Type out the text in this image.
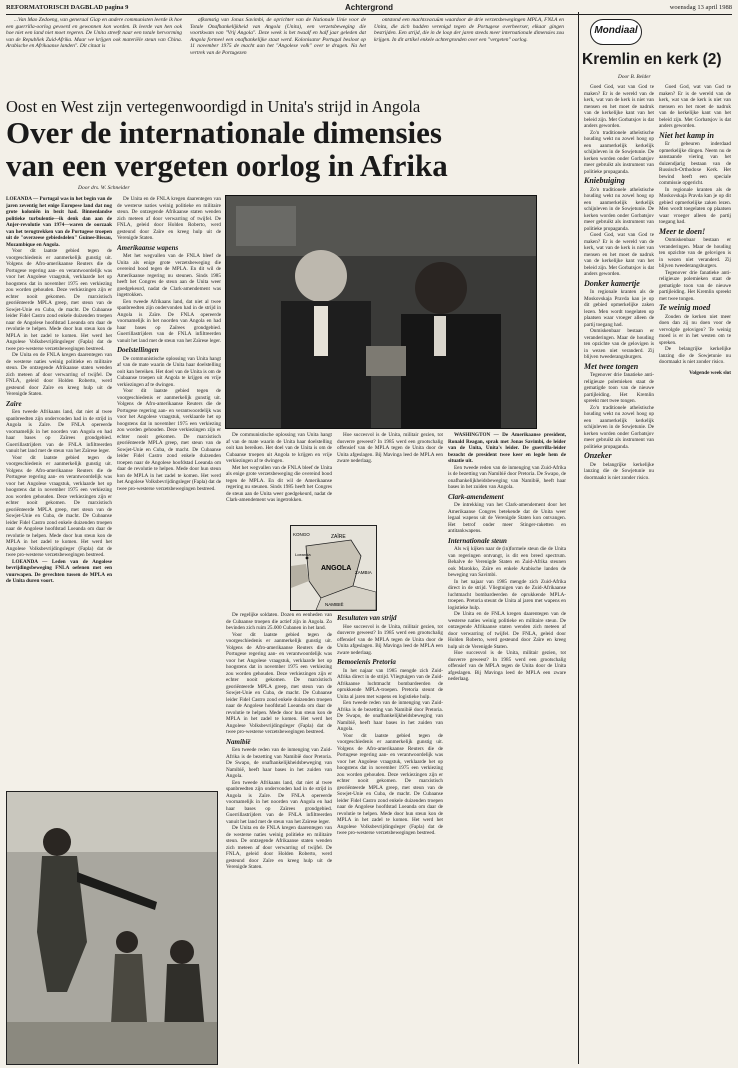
REFORMATORISCH DAGBLAD pagina 9	Achtergrond	woensdag 13 april 1988

...Van Mao Zedoeng, van generaal Giap en andere communisten leerde ik hoe een guerrilla-oorlog gevoerd en gewonnen kon worden. Ik leerde van hen ook hoe niet een land niet moet regeren. De Unita streeft naar een totale hervorming van de Republiek Zuid-Afrika. Maar we krijgen ook materiële steun van China. Arabische en Afrikaanse landen". Dit citaat is

afkomstig van Jonas Savimbi, de oprichter van de Nationale Unie voor de Totale Onafhankelijkheid van Angola (Unita), een verzetsbeweging die voortkwam van "Vrij Angola". Deze week is het twaalf en half jaar geleden dat Angola formeel een onafhankelijke staat werd. Kolonisator Portugal besloot op 11 november 1975 de macht aan het "Angolese volk" over te dragen. Na het vertrek van de Portugezen

ontstond een machtsvacuüm waardoor de drie verzetsbewegingen MPLA, FNLA en Unita, die zich hadden verenigd tegen de Portugese overheerser, elkaar gingen bestrijden. Een strijd, die in de loop der jaren steeds meer internationale dimensies zou krijgen. In dit artikel enkele achtergronden over een "vergeten" oorlog.

Oost en West zijn vertegenwoordigd in Unita's strijd in Angola
Over de internationale dimensies
van een vergeten oorlog in Afrika
Door drs. W. Schneider

LOEANDA — Portugal was in het begin van de jaren zeventig het enige Europese land dat nog grote koloniën in bezit had. Binnenlandse politieke turbulentie—ik denk dan aan de Anjer-revolutie van 1974—waren de oorzaak van het terugtrekken van de Portugese troepen uit de "overzeese gebiedsdelen" Guinee-Bissau, Mozambique en Angola.

Voor dit laatste gebied tegen de voorgeschiedenis er aanmerkelijk gunstig uit. Volgens de Afro-amerikaanse Reuters die de Portugese regering aan- en verantwoordelijk was voor het Angolese vraagstuk, verklaarde het op hoogstens dat in november 1975 een verkiezing zou worden gehouden. Deze verkiezingen zijn er echter nooit gekomen. De marxistisch georiënteerde MPLA greep, met steun van de Sowjet-Unie en Cuba, de macht. De Cubaanse leider Fidel Castro zond enkele duizenden troepen naar de Angolese hoofdstad Loeanda om daar de revolutie te helpen. Mede door hun steun kon de MPLA in het zadel te komen. Het werd het Angolese Volksbevrijdingsleger (Fapla) dat de twee pro-westerse verzetsbewegingen bestreed.

De Unita en de FNLA kregen daarentegen van de westerse naties weinig politieke en militaire steun. De ontzegende Afrikaanse staten wenden zich meteen af door verwarring of twijfel. De FNLA, geleid door Holden Roberto, werd gesteund door Zaïre en kreeg hulp uit de Verenigde Staten.

Zaïre

Een tweede Afrikaans land, dat niet al twee spanbreedten zijn ondervonden had in de strijd in Angola is Zaïre. De FNLA opereerde voornamelijk in het noorden van Angola en had haar bases op Zaïrees grondgebied. Guerrillastrijders van de FNLA infiltreerden vanuit het land met de steun van het Zaïrese leger.

Voor dit laatste gebied tegen de voorgeschiedenis er aanmerkelijk gunstig uit. Volgens de Afro-amerikaanse Reuters die de Portugese regering aan- en verantwoordelijk was voor het Angolese vraagstuk, verklaarde het op hoogstens dat in november 1975 een verkiezing zou worden gehouden. Deze verkiezingen zijn er echter nooit gekomen. De marxistisch georiënteerde MPLA greep, met steun van de Sowjet-Unie en Cuba, de macht. De Cubaanse leider Fidel Castro zond enkele duizenden troepen naar de Angolese hoofdstad Loeanda om daar de revolutie te helpen. Mede door hun steun kon de MPLA in het zadel te komen. Het werd het Angolese Volksbevrijdingsleger (Fapla) dat de twee pro-westerse verzetsbewegingen bestreed.

LOEANDA — Leden van de Angolese bevrijdingsbeweging FNLA oefenen met een vuurwapen. De gevechten tussen de MPLA en de Unita duren voort.

De Unita en de FNLA kregen daarentegen van de westerse naties weinig politieke en militaire steun. De ontzegende Afrikaanse staten wenden zich meteen af door verwarring of twijfel. De FNLA, geleid door Holden Roberto, werd gesteund door Zaïre en kreeg hulp uit de Verenigde Staten.

Amerikaanse wapens

Met het wegvallen van de FNLA bleef de Unita als enige grote verzetsbeweging die overeind bood tegen de MPLA. En dit wil de Amerikaanse regering nu steunen. Sinds 1985 heeft het Congres de steun aan de Unita weer goedgekeurd, nadat de Clark-amendement was ingetrokken.

Een tweede Afrikaans land, dat niet al twee spanbreedten zijn ondervonden had in de strijd in Angola is Zaïre. De FNLA opereerde voornamelijk in het noorden van Angola en had haar bases op Zaïrees grondgebied. Guerrillastrijders van de FNLA infiltreerden vanuit het land met de steun van het Zaïrese leger.

Doelstellingen

De communistische oplossing van Unita hangt af van de mate waarin de Unita haar doelstelling ooit kan bereiken. Het doel van de Unita is om de Cubaanse troepen uit Angola te krijgen en vrije verkiezingen af te dwingen.

Voor dit laatste gebied tegen de voorgeschiedenis er aanmerkelijk gunstig uit. Volgens de Afro-amerikaanse Reuters die de Portugese regering aan- en verantwoordelijk was voor het Angolese vraagstuk, verklaarde het op hoogstens dat in november 1975 een verkiezing zou worden gehouden. Deze verkiezingen zijn er echter nooit gekomen. De marxistisch georiënteerde MPLA greep, met steun van de Sowjet-Unie en Cuba, de macht. De Cubaanse leider Fidel Castro zond enkele duizenden troepen naar de Angolese hoofdstad Loeanda om daar de revolutie te helpen. Mede door hun steun kon de MPLA in het zadel te komen. Het werd het Angolese Volksbevrijdingsleger (Fapla) dat de twee pro-westerse verzetsbewegingen bestreed.

De communistische oplossing van Unita hangt af van de mate waarin de Unita haar doelstelling ooit kan bereiken. Het doel van de Unita is om de Cubaanse troepen uit Angola te krijgen en vrije verkiezingen af te dwingen.

Met het wegvallen van de FNLA bleef de Unita als enige grote verzetsbeweging die overeind bood tegen de MPLA. En dit wil de Amerikaanse regering nu steunen. Sinds 1985 heeft het Congres de steun aan de Unita weer goedgekeurd, nadat de Clark-amendement was ingetrokken.

De regelijke soldaten. Dozen en eenheden van de Cubaanse troepen die actief zijn in Angola. Zo bevinden zich ruim 25.000 Cubanen in het land.

Voor dit laatste gebied tegen de voorgeschiedenis er aanmerkelijk gunstig uit. Volgens de Afro-amerikaanse Reuters die de Portugese regering aan- en verantwoordelijk was voor het Angolese vraagstuk, verklaarde het op hoogstens dat in november 1975 een verkiezing zou worden gehouden. Deze verkiezingen zijn er echter nooit gekomen. De marxistisch georiënteerde MPLA greep, met steun van de Sowjet-Unie en Cuba, de macht. De Cubaanse leider Fidel Castro zond enkele duizenden troepen naar de Angolese hoofdstad Loeanda om daar de revolutie te helpen. Mede door hun steun kon de MPLA in het zadel te komen. Het werd het Angolese Volksbevrijdingsleger (Fapla) dat de twee pro-westerse verzetsbewegingen bestreed.

Namibië

Een tweede reden van de inmenging van Zuid-Afrika is de bezetting van Namibië door Pretoria. De Swapo, de onafhankelijkheidsbeweging van Namibië, heeft haar bases in het zuiden van Angola.

Een tweede Afrikaans land, dat niet al twee spanbreedten zijn ondervonden had in de strijd in Angola is Zaïre. De FNLA opereerde voornamelijk in het noorden van Angola en had haar bases op Zaïrees grondgebied. Guerrillastrijders van de FNLA infiltreerden vanuit het land met de steun van het Zaïrese leger.

De Unita en de FNLA kregen daarentegen van de westerse naties weinig politieke en militaire steun. De ontzegende Afrikaanse staten wenden zich meteen af door verwarring of twijfel. De FNLA, geleid door Holden Roberto, werd gesteund door Zaïre en kreeg hulp uit de Verenigde Staten.

Hoe succesvol is de Unita, militair gezien, tot dusverre geweest? In 1985 werd een grootschalig offensief van de MPLA tegen de Unita door de Unita afgeslagen. Bij Mavinga leed de MPLA een zware nederlaag.

ANGOLA
ZAÏRE
KONGO
ZAMBIA
NAMIBIË
Loeanda
Resultaten van strijd

Hoe succesvol is de Unita, militair gezien, tot dusverre geweest? In 1985 werd een grootschalig offensief van de MPLA tegen de Unita door de Unita afgeslagen. Bij Mavinga leed de MPLA een zware nederlaag.

Bemoeienis Pretoria

In het najaar van 1985 mengde zich Zuid-Afrika direct in de strijd. Vliegtuigen van de Zuid-Afrikaanse luchtmacht bombardeerden de oprukkende MPLA-troepen. Pretoria steunt de Unita al jaren met wapens en logistieke hulp.

Een tweede reden van de inmenging van Zuid-Afrika is de bezetting van Namibië door Pretoria. De Swapo, de onafhankelijkheidsbeweging van Namibië, heeft haar bases in het zuiden van Angola.

Voor dit laatste gebied tegen de voorgeschiedenis er aanmerkelijk gunstig uit. Volgens de Afro-amerikaanse Reuters die de Portugese regering aan- en verantwoordelijk was voor het Angolese vraagstuk, verklaarde het op hoogstens dat in november 1975 een verkiezing zou worden gehouden. Deze verkiezingen zijn er echter nooit gekomen. De marxistisch georiënteerde MPLA greep, met steun van de Sowjet-Unie en Cuba, de macht. De Cubaanse leider Fidel Castro zond enkele duizenden troepen naar de Angolese hoofdstad Loeanda om daar de revolutie te helpen. Mede door hun steun kon de MPLA in het zadel te komen. Het werd het Angolese Volksbevrijdingsleger (Fapla) dat de twee pro-westerse verzetsbewegingen bestreed.

WASHINGTON — De Amerikaanse president, Ronald Reagan, sprak met Jonas Savimbi, de leider van de Unita, Unita's leider. De guerrilla-leider bezocht de president twee keer en legde hem de situatie uit.

Een tweede reden van de inmenging van Zuid-Afrika is de bezetting van Namibië door Pretoria. De Swapo, de onafhankelijkheidsbeweging van Namibië, heeft haar bases in het zuiden van Angola.

Clark-amendement

De intrekking van het Clark-amendement door het Amerikaanse Congres betekende dat de Unita weer legaal wapens uit de Verenigde Staten kon ontvangen. Het betrof onder meer Stinger-raketten en antitankwapens.

Internationale steun

Als wij kijken naar de (in)formele steun die de Unita van regeringen ontvangt, is dit een breed spectrum. Behalve de Verenigde Staten en Zuid-Afrika steunen ook Marokko, Zaïre en enkele Arabische landen de beweging van Savimbi.

In het najaar van 1985 mengde zich Zuid-Afrika direct in de strijd. Vliegtuigen van de Zuid-Afrikaanse luchtmacht bombardeerden de oprukkende MPLA-troepen. Pretoria steunt de Unita al jaren met wapens en logistieke hulp.

De Unita en de FNLA kregen daarentegen van de westerse naties weinig politieke en militaire steun. De ontzegende Afrikaanse staten wenden zich meteen af door verwarring of twijfel. De FNLA, geleid door Holden Roberto, werd gesteund door Zaïre en kreeg hulp uit de Verenigde Staten.

Hoe succesvol is de Unita, militair gezien, tot dusverre geweest? In 1985 werd een grootschalig offensief van de MPLA tegen de Unita door de Unita afgeslagen. Bij Mavinga leed de MPLA een zware nederlaag.

Mondiaal
Kremlin en kerk (2)
Door B. Belder

Goed God, wat van God te maken? Er is de wereld van de kerk, wat van de kerk is niet van mensen en het moet de nadruk van de kerkelijke kant van het beleid zijn. Met Gorbatsjov is dat anders geworden.

Zo'n traditionele atheïstische houding wekt nu zowel hoog op een aanmerkelijk kerkelijk schijnleven in de Sowjetunie. De kerken worden onder Gorbatsjov meer gebruikt als instrument van politieke propaganda.

Kniebuiging

Zo'n traditionele atheïstische houding wekt nu zowel hoog op een aanmerkelijk kerkelijk schijnleven in de Sowjetunie. De kerken worden onder Gorbatsjov meer gebruikt als instrument van politieke propaganda.

Goed God, wat van God te maken? Er is de wereld van de kerk, wat van de kerk is niet van mensen en het moet de nadruk van de kerkelijke kant van het beleid zijn. Met Gorbatsjov is dat anders geworden.

Donker kamertje

In regionale kranten als de Moskovskaja Pravda kan je op dit gebied opmerkelijke zaken lezen. Men wordt toegelaten op plaatsen waar vroeger alleen de partij toegang had.

Onmiskenbaar bestaan er veranderingen. Maar de houding ten opzichte van de gelovigen is in wezen niet veranderd. Zij blijven tweederangsburgers.

Met twee tongen

Tegenover drie fanatieke anti-religieuze polemieken staat de gematigde toon van de nieuwe partijleiding. Het Kremlin spreekt met twee tongen.

Zo'n traditionele atheïstische houding wekt nu zowel hoog op een aanmerkelijk kerkelijk schijnleven in de Sowjetunie. De kerken worden onder Gorbatsjov meer gebruikt als instrument van politieke propaganda.

Onzeker

De belangrijke kerkelijke lanzing die de Sowjetunie nu doormaakt is niet zonder risico.

Goed God, wat van God te maken? Er is de wereld van de kerk, wat van de kerk is niet van mensen en het moet de nadruk van de kerkelijke kant van het beleid zijn. Met Gorbatsjov is dat anders geworden.

Niet het kamp in

Er gebeuren inderdaad opmerkelijke dingen. Neem nu de aanstaande viering van het duizendjarig bestaan van de Russisch-Orthodoxe Kerk. Het bewind heeft een speciale commissie opgericht.

In regionale kranten als de Moskovskaja Pravda kan je op dit gebied opmerkelijke zaken lezen. Men wordt toegelaten op plaatsen waar vroeger alleen de partij toegang had.

Meer te doen!

Onmiskenbaar bestaan er veranderingen. Maar de houding ten opzichte van de gelovigen is in wezen niet veranderd. Zij blijven tweederangsburgers.

Tegenover drie fanatieke anti-religieuze polemieken staat de gematigde toon van de nieuwe partijleiding. Het Kremlin spreekt met twee tongen.

Te weinig moed

Zouden de kerken niet meer doen dan zij nu doen voor de vervolgde gelovigen? Te weinig moed is er in het westen om te spreken.

De belangrijke kerkelijke lanzing die de Sowjetunie nu doormaakt is niet zonder risico.

Volgende week slot
